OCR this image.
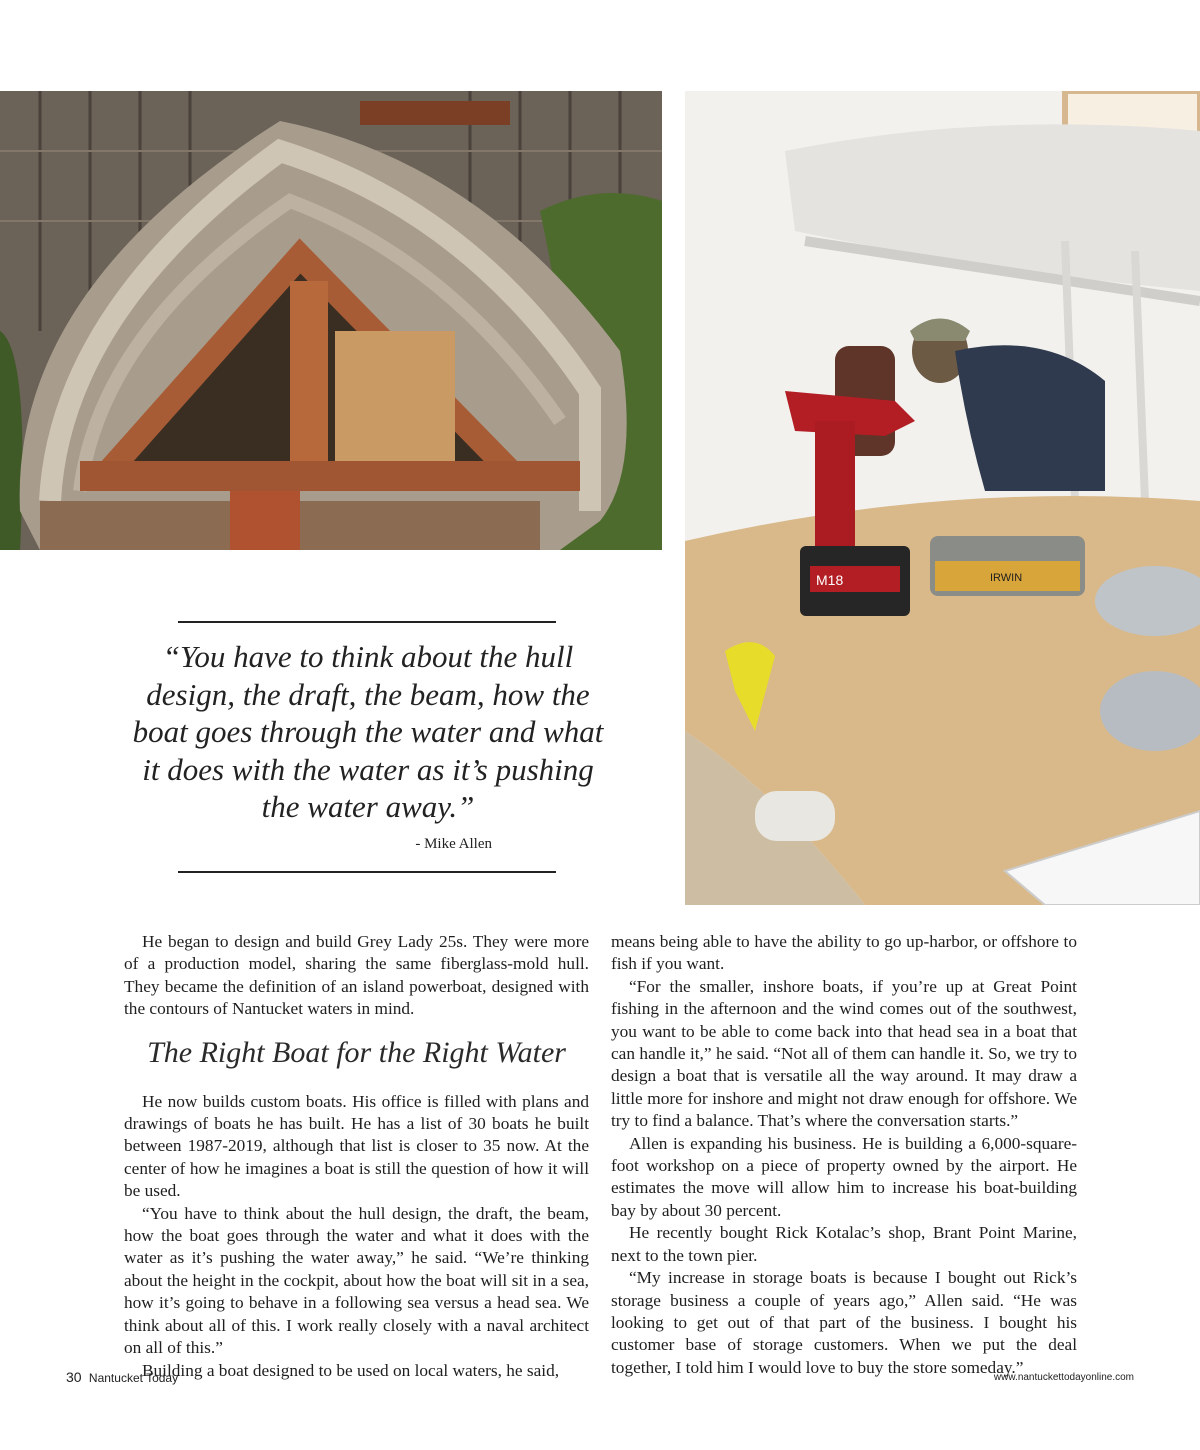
M18	IRWIN
“You have to think about the hull design, the draft, the beam, how the boat goes through the water and what it does with the water as it’s pushing the water away.”
- Mike Allen

He began to design and build Grey Lady 25s. They were more of a production model, sharing the same fiberglass-mold hull. They became the definition of an island powerboat, designed with the contours of Nantucket waters in mind.

The Right Boat for the Right Water

He now builds custom boats. His office is filled with plans and drawings of boats he has built. He has a list of 30 boats he built between 1987-2019, although that list is closer to 35 now. At the center of how he imagines a boat is still the question of how it will be used.

“You have to think about the hull design, the draft, the beam, how the boat goes through the water and what it does with the water as it’s pushing the water away,” he said. “We’re thinking about the height in the cockpit, about how the boat will sit in a sea, how it’s going to behave in a following sea versus a head sea. We think about all of this. I work really closely with a naval architect on all of this.”

Building a boat designed to be used on local waters, he said,

means being able to have the ability to go up-harbor, or offshore to fish if you want.

“For the smaller, inshore boats, if you’re up at Great Point fishing in the afternoon and the wind comes out of the southwest, you want to be able to come back into that head sea in a boat that can handle it,” he said. “Not all of them can handle it. So, we try to design a boat that is versatile all the way around. It may draw a little more for inshore and might not draw enough for offshore. We try to find a balance. That’s where the conversation starts.”

Allen is expanding his business. He is building a 6,000-square-foot workshop on a piece of property owned by the airport. He estimates the move will allow him to increase his boat-building bay by about 30 percent.

He recently bought Rick Kotalac’s shop, Brant Point Marine, next to the town pier.

“My increase in storage boats is because I bought out Rick’s storage business a couple of years ago,” Allen said. “He was looking to get out of that part of the business. I bought his customer base of storage customers. When we put the deal together, I told him I would love to buy the store someday.”

30 Nantucket Today	www.nantuckettodayonline.com
